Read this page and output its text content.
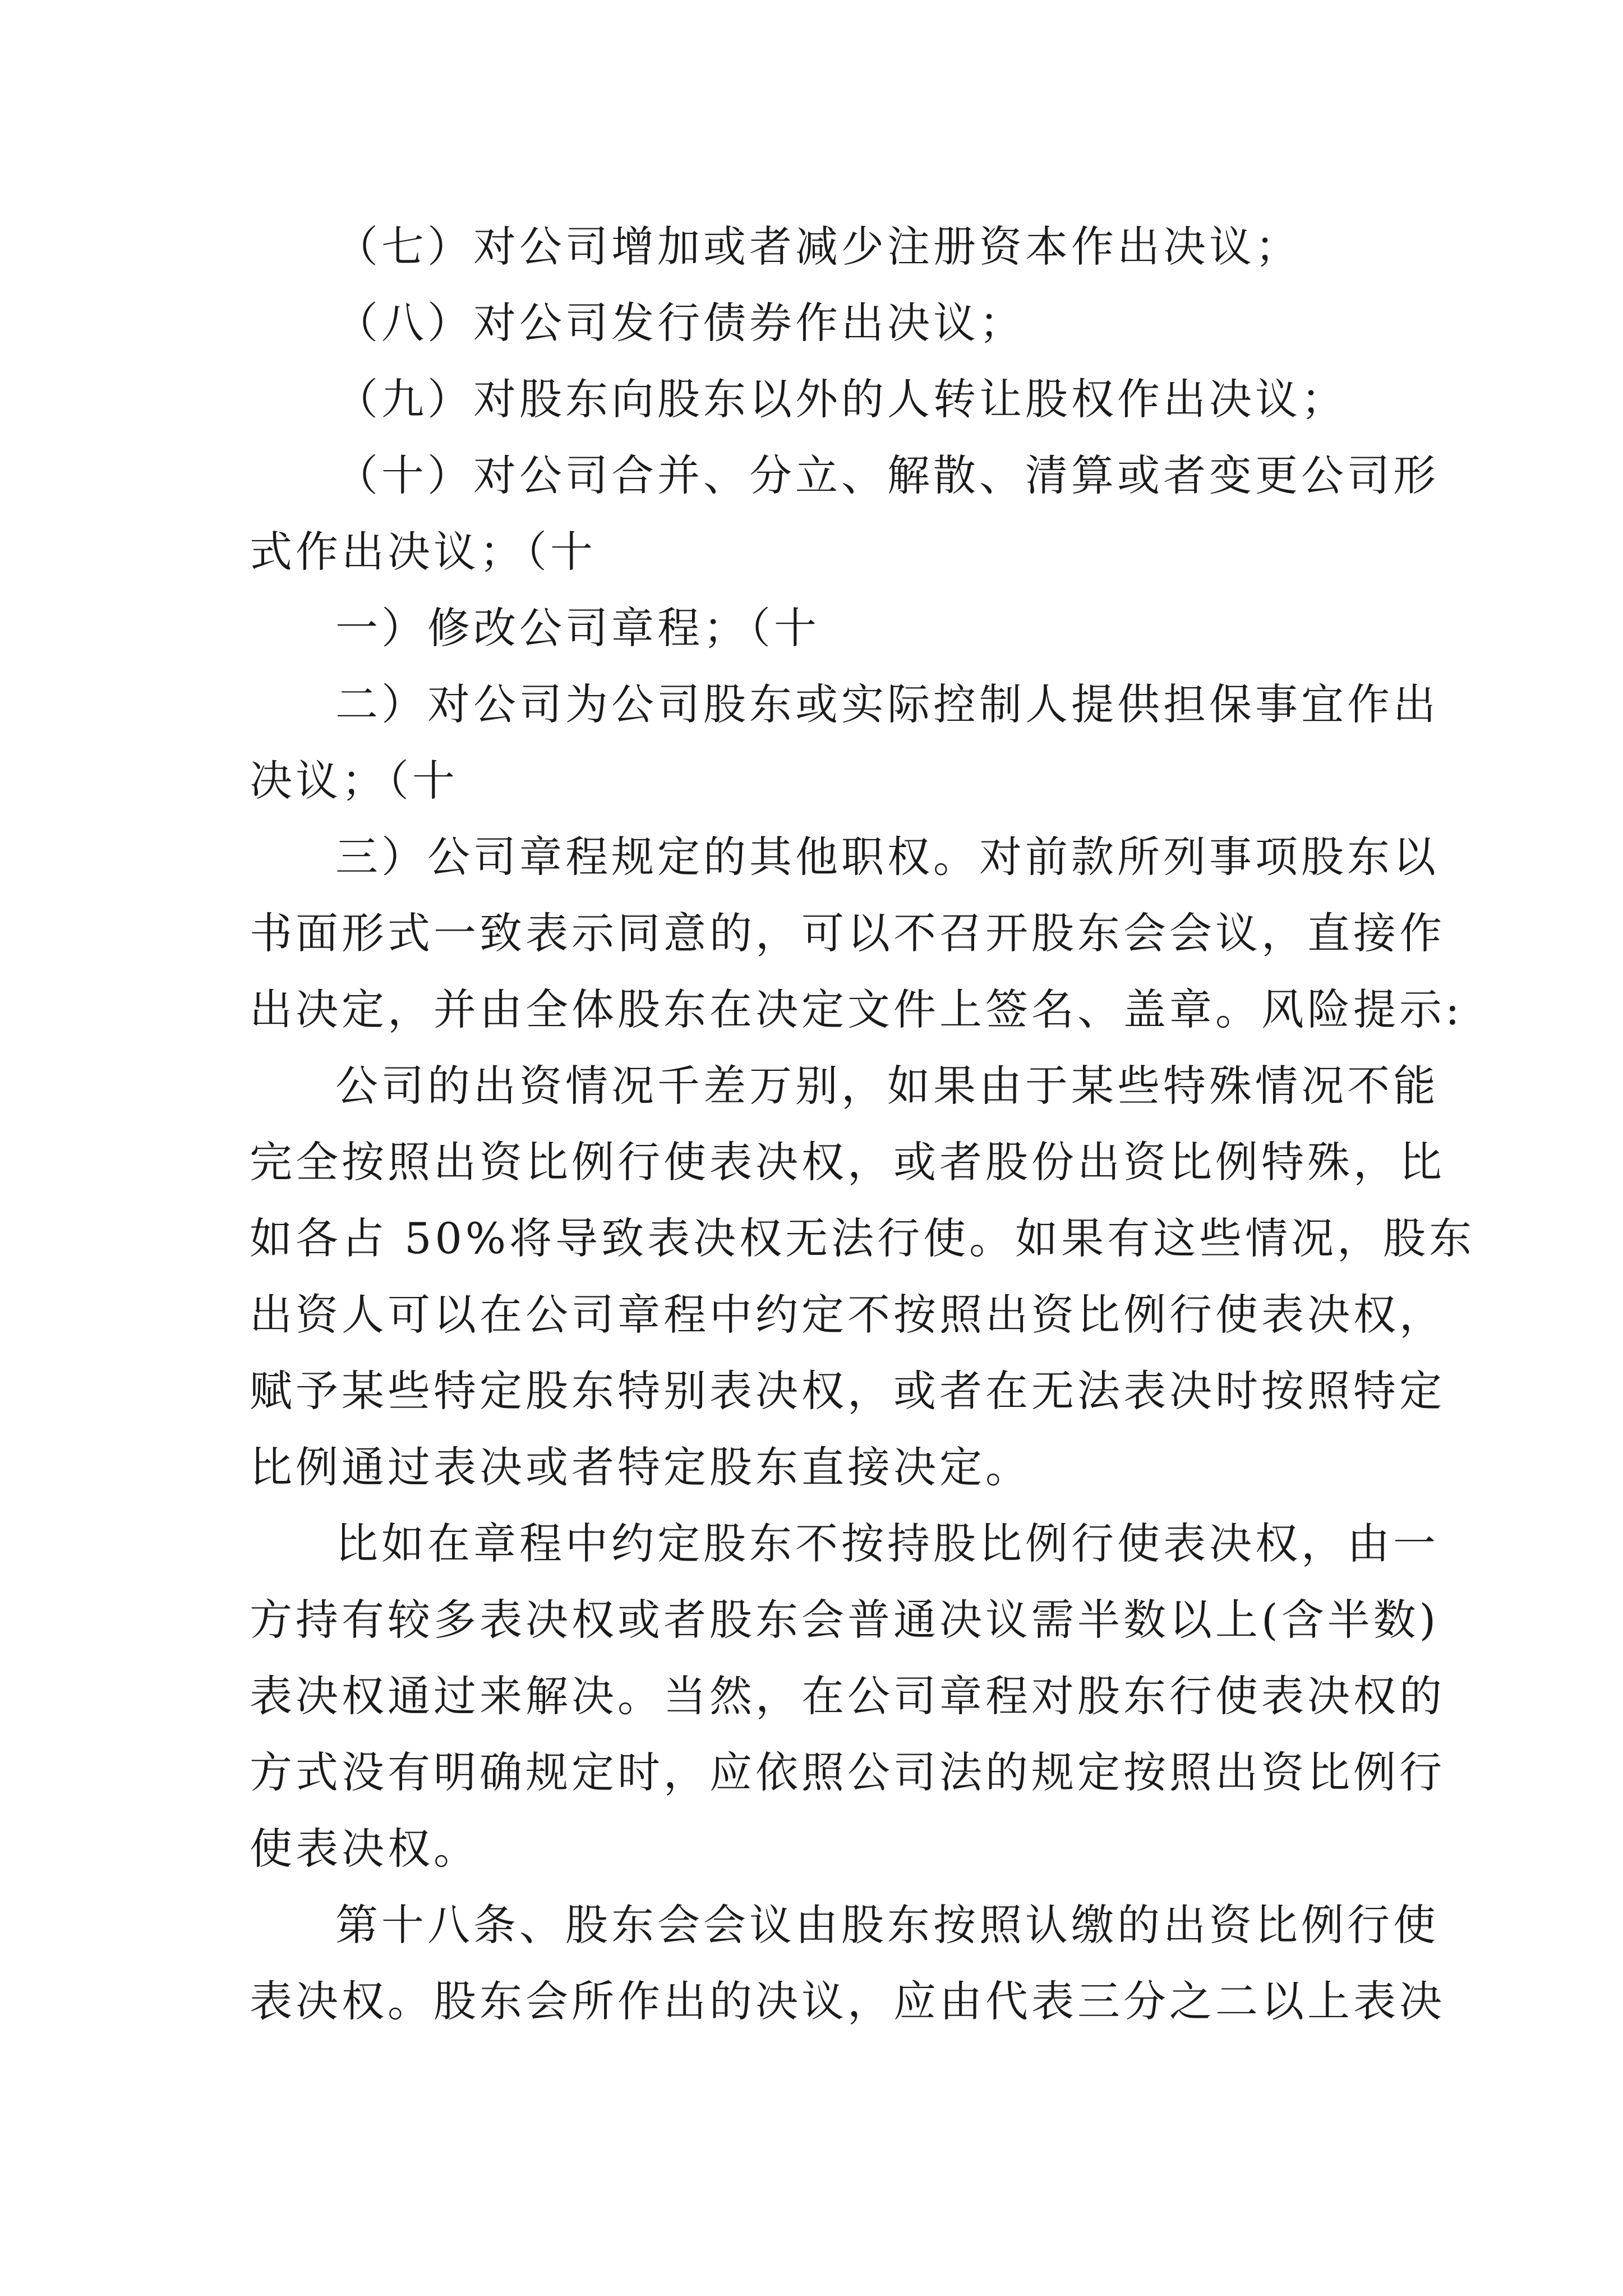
（七）对公司增加或者减少注册资本作出决议；
（八）对公司发行债券作出决议；
（九）对股东向股东以外的人转让股权作出决议；
（十）对公司合并、分立、解散、清算或者变更公司形
式作出决议；（十
一）修改公司章程；（十
二）对公司为公司股东或实际控制人提供担保事宜作出
决议；（十
三）公司章程规定的其他职权。对前款所列事项股东以
书面形式一致表示同意的，可以不召开股东会会议，直接作
出决定，并由全体股东在决定文件上签名、盖章。风险提示:
公司的出资情况千差万别，如果由于某些特殊情况不能
完全按照出资比例行使表决权，或者股份出资比例特殊，比
如各占 50%将导致表决权无法行使。如果有这些情况，股东
出资人可以在公司章程中约定不按照出资比例行使表决权，
赋予某些特定股东特别表决权，或者在无法表决时按照特定
比例通过表决或者特定股东直接决定。
比如在章程中约定股东不按持股比例行使表决权，由一
方持有较多表决权或者股东会普通决议需半数以上(含半数)
表决权通过来解决。当然，在公司章程对股东行使表决权的
方式没有明确规定时，应依照公司法的规定按照出资比例行
使表决权。
第十八条、股东会会议由股东按照认缴的出资比例行使
表决权。股东会所作出的决议，应由代表三分之二以上表决
